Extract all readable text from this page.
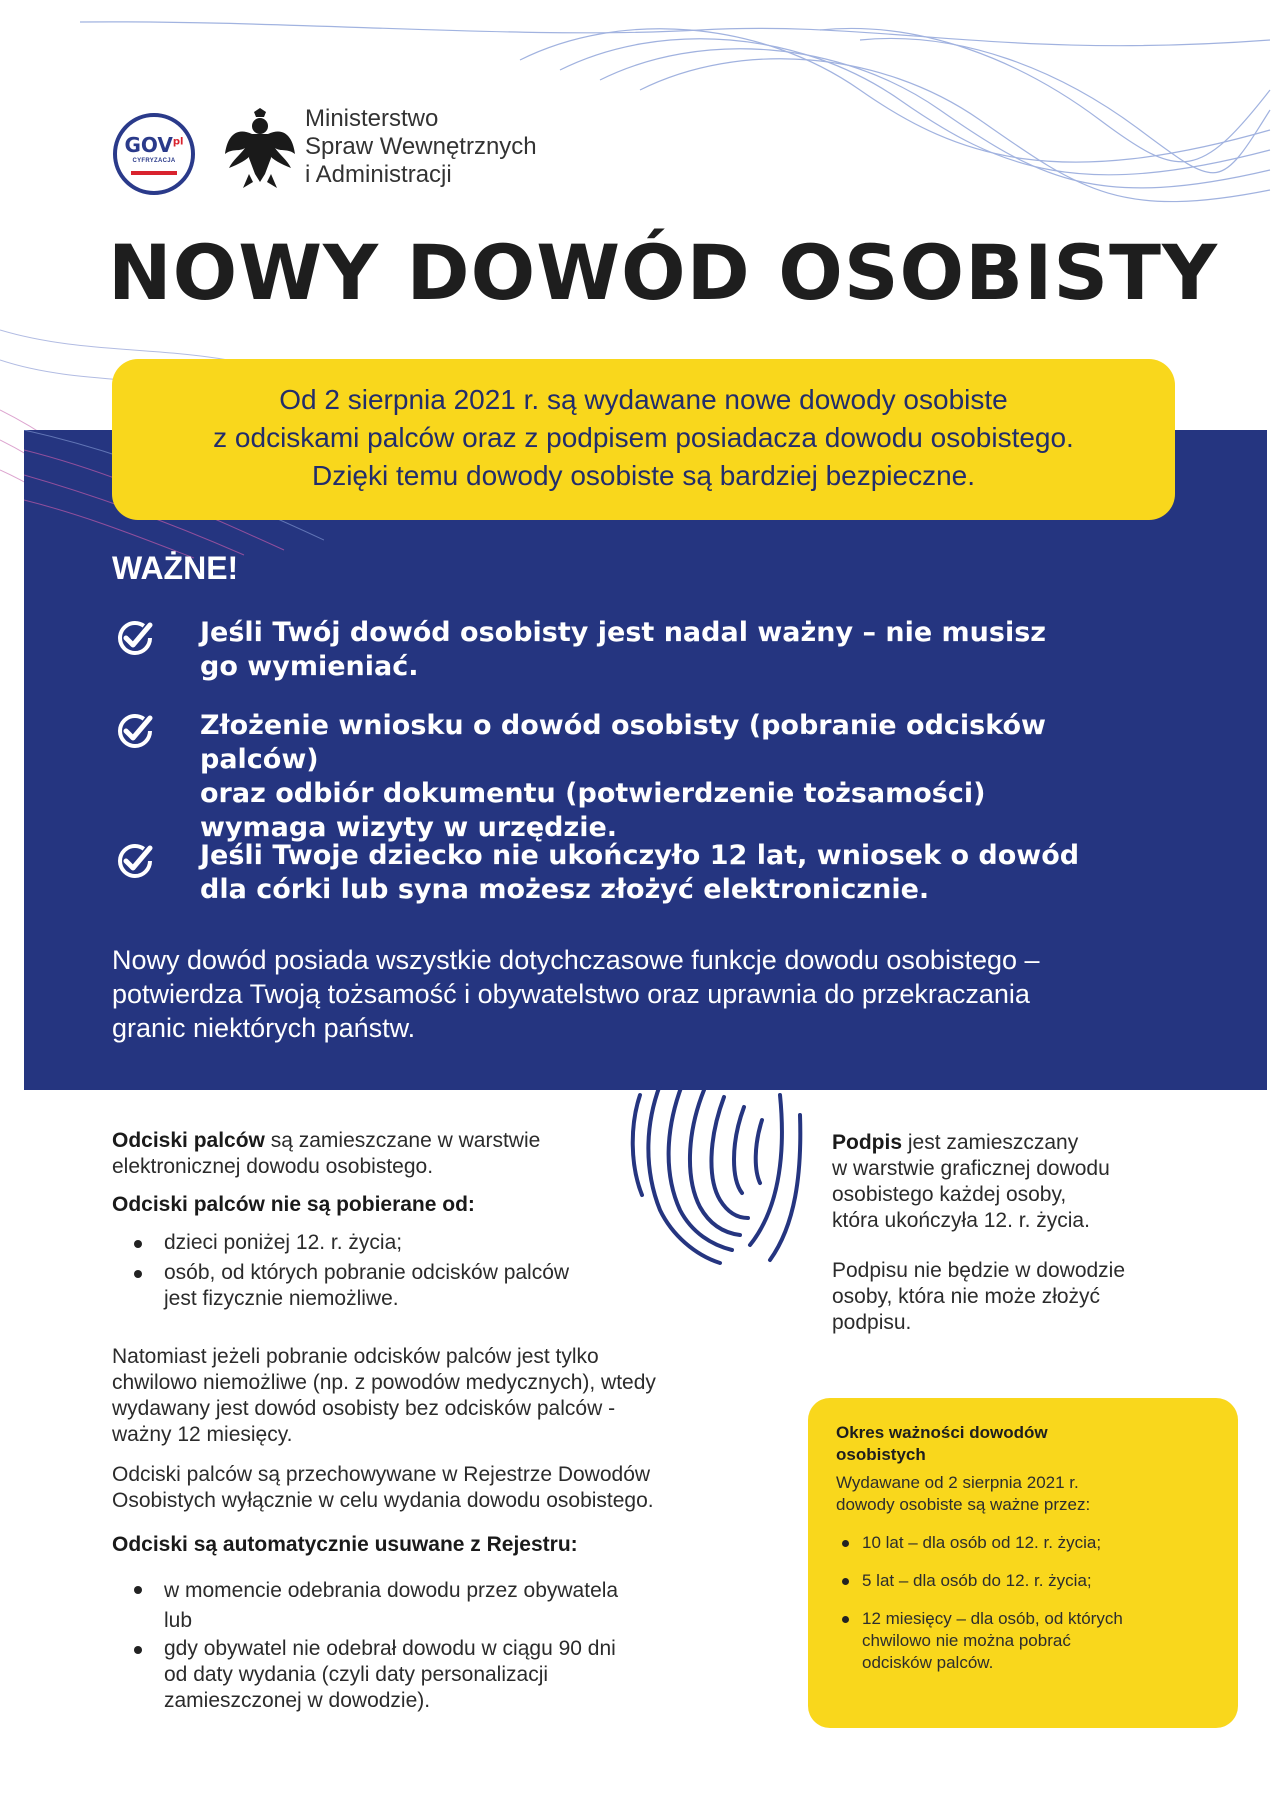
$GOV^{pl}$
CYFRYZACJA
Ministerstwo
Spraw Wewnętrznych
i Administracji
NOWY DOWÓD OSOBISTY
Od 2 sierpnia 2021 r. są wydawane nowe dowody osobiste
z odciskami palców oraz z podpisem posiadacza dowodu osobistego.
Dzięki temu dowody osobiste są bardziej bezpieczne.
WAŻNE!
Jeśli Twój dowód osobisty jest nadal ważny – nie musisz
go wymieniać.
Złożenie wniosku o dowód osobisty (pobranie odcisków palców)
oraz odbiór dokumentu (potwierdzenie tożsamości)
wymaga wizyty w urzędzie.
Jeśli Twoje dziecko nie ukończyło 12 lat, wniosek o dowód
dla córki lub syna możesz złożyć elektronicznie.
Nowy dowód posiada wszystkie dotychczasowe funkcje dowodu osobistego –
potwierdza Twoją tożsamość i obywatelstwo oraz uprawnia do przekraczania
granic niektórych państw.
Odciski palców są zamieszczane w warstwie
elektronicznej dowodu osobistego.
Odciski palców nie są pobierane od:
dzieci poniżej 12. r. życia;
osób, od których pobranie odcisków palców
jest fizycznie niemożliwe.
Natomiast jeżeli pobranie odcisków palców jest tylko
chwilowo niemożliwe (np. z powodów medycznych), wtedy
wydawany jest dowód osobisty bez odcisków palców -
ważny 12 miesięcy.
Odciski palców są przechowywane w Rejestrze Dowodów
Osobistych wyłącznie w celu wydania dowodu osobistego.
Odciski są automatycznie usuwane z Rejestru:
w momencie odebrania dowodu przez obywatela
lub
gdy obywatel nie odebrał dowodu w ciągu 90 dni
od daty wydania (czyli daty personalizacji
zamieszczonej w dowodzie).
Podpis jest zamieszczany
w warstwie graficznej dowodu
osobistego każdej osoby,
która ukończyła 12. r. życia.
Podpisu nie będzie w dowodzie
osoby, która nie może złożyć
podpisu.
Okres ważności dowodów
osobistych
Wydawane od 2 sierpnia 2021 r.
dowody osobiste są ważne przez:
10 lat – dla osób od 12. r. życia;
5 lat – dla osób do 12. r. życia;
12 miesięcy – dla osób, od których
chwilowo nie można pobrać
odcisków palców.
